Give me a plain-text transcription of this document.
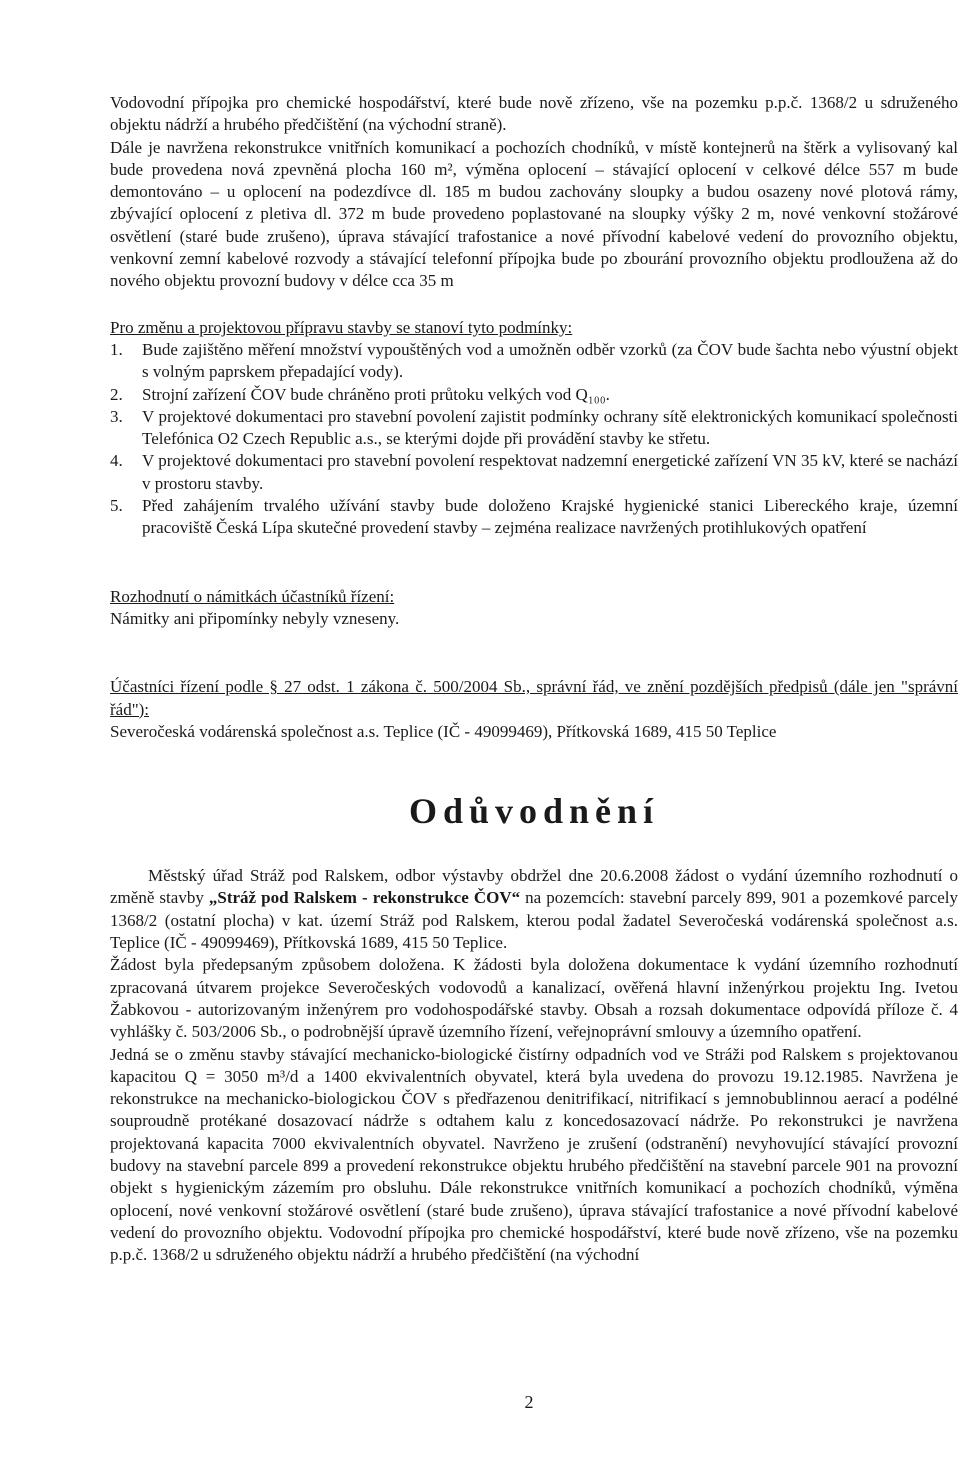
Vodovodní přípojka pro chemické hospodářství, které bude nově zřízeno, vše na pozemku p.p.č. 1368/2 u sdruženého objektu nádrží a hrubého předčištění (na východní straně).

Dále je navržena rekonstrukce vnitřních komunikací a pochozích chodníků, v místě kontejnerů na štěrk a vylisovaný kal bude provedena nová zpevněná plocha 160 m², výměna oplocení – stávající oplocení v celkové délce 557 m bude demontováno – u oplocení na podezdívce dl. 185 m budou zachovány sloupky a budou osazeny nové plotová rámy, zbývající oplocení z pletiva dl. 372 m bude provedeno poplastované na sloupky výšky 2 m, nové venkovní stožárové osvětlení (staré bude zrušeno), úprava stávající trafostanice a nové přívodní kabelové vedení do provozního objektu, venkovní zemní kabelové rozvody a stávající telefonní přípojka bude po zbourání provozního objektu prodloužena až do nového objektu provozní budovy v délce cca 35 m

Pro změnu a projektovou přípravu stavby se stanoví tyto podmínky:

1.	Bude zajištěno měření množství vypouštěných vod a umožněn odběr vzorků (za ČOV bude šachta nebo výustní objekt s volným paprskem přepadající vody).
2.	Strojní zařízení ČOV bude chráněno proti průtoku velkých vod Q₁₀₀.
3.	V projektové dokumentaci pro stavební povolení zajistit podmínky ochrany sítě elektronických komunikací společnosti Telefónica O2 Czech Republic a.s., se kterými dojde při provádění stavby ke střetu.
4.	V projektové dokumentaci pro stavební povolení respektovat nadzemní energetické zařízení VN 35 kV, které se nachází v prostoru stavby.
5.	Před zahájením trvalého užívání stavby bude doloženo Krajské hygienické stanici Libereckého kraje, územní pracoviště Česká Lípa skutečné provedení stavby – zejména realizace navržených protihlukových opatření

Rozhodnutí o námitkách účastníků řízení:

Námitky ani připomínky nebyly vzneseny.

Účastníci řízení podle § 27 odst. 1 zákona č. 500/2004 Sb., správní řád, ve znění pozdějších předpisů (dále jen "správní řád"):

Severočeská vodárenská společnost a.s. Teplice (IČ - 49099469), Přítkovská 1689, 415 50 Teplice

Odůvodnění

Městský úřad Stráž pod Ralskem, odbor výstavby obdržel dne 20.6.2008 žádost o vydání územního rozhodnutí o změně stavby „Stráž pod Ralskem - rekonstrukce ČOV“ na pozemcích: stavební parcely 899, 901 a pozemkové parcely 1368/2 (ostatní plocha) v kat. území Stráž pod Ralskem, kterou podal žadatel Severočeská vodárenská společnost a.s. Teplice (IČ - 49099469), Přítkovská 1689, 415 50 Teplice.

Žádost byla předepsaným způsobem doložena. K žádosti byla doložena dokumentace k vydání územního rozhodnutí zpracovaná útvarem projekce Severočeských vodovodů a kanalizací, ověřená hlavní inženýrkou projektu Ing. Ivetou Žabkovou - autorizovaným inženýrem pro vodohospodářské stavby. Obsah a rozsah dokumentace odpovídá příloze č. 4 vyhlášky č. 503/2006 Sb., o podrobnější úpravě územního řízení, veřejnoprávní smlouvy a územního opatření.

Jedná se o změnu stavby stávající mechanicko-biologické čistírny odpadních vod ve Stráži pod Ralskem s projektovanou kapacitou Q = 3050 m³/d a 1400 ekvivalentních obyvatel, která byla uvedena do provozu 19.12.1985. Navržena je rekonstrukce na mechanicko-biologickou ČOV s předřazenou denitrifikací, nitrifikací s jemnobublinnou aerací a podélné souproudně protékané dosazovací nádrže s odtahem kalu z koncedosazovací nádrže. Po rekonstrukci je navržena projektovaná kapacita 7000 ekvivalentních obyvatel. Navrženo je zrušení (odstranění) nevyhovující stávající provozní budovy na stavební parcele 899 a provedení rekonstrukce objektu hrubého předčištění na stavební parcele 901 na provozní objekt s hygienickým zázemím pro obsluhu. Dále rekonstrukce vnitřních komunikací a pochozích chodníků, výměna oplocení, nové venkovní stožárové osvětlení (staré bude zrušeno), úprava stávající trafostanice a nové přívodní kabelové vedení do provozního objektu. Vodovodní přípojka pro chemické hospodářství, které bude nově zřízeno, vše na pozemku p.p.č. 1368/2 u sdruženého objektu nádrží a hrubého předčištění (na východní

2
